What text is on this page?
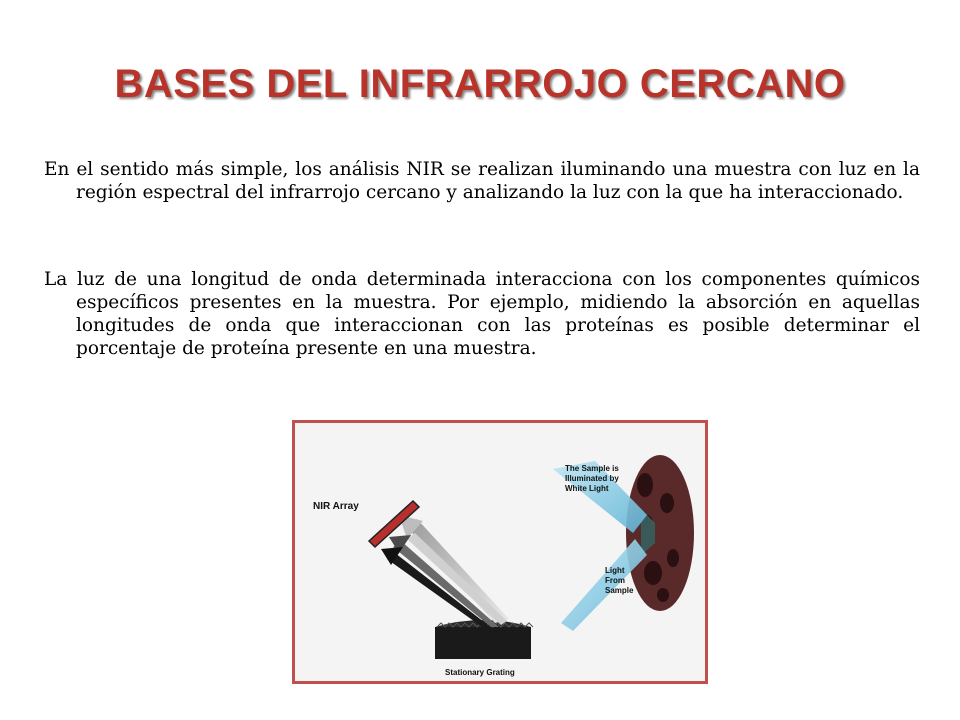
BASES DEL INFRARROJO CERCANO
En el sentido más simple, los análisis NIR se realizan iluminando una muestra con luz en la región espectral del infrarrojo cercano y analizando la luz con la que ha interaccionado.
La luz de una longitud de onda determinada interacciona con los componentes químicos específicos presentes en la muestra. Por ejemplo, midiendo la absorción en aquellas longitudes de onda que interaccionan con las proteínas es posible determinar el porcentaje de proteína presente en una muestra.
NIR Array
The Sample is Illuminated by White Light
Light From Sample
Stationary Grating
